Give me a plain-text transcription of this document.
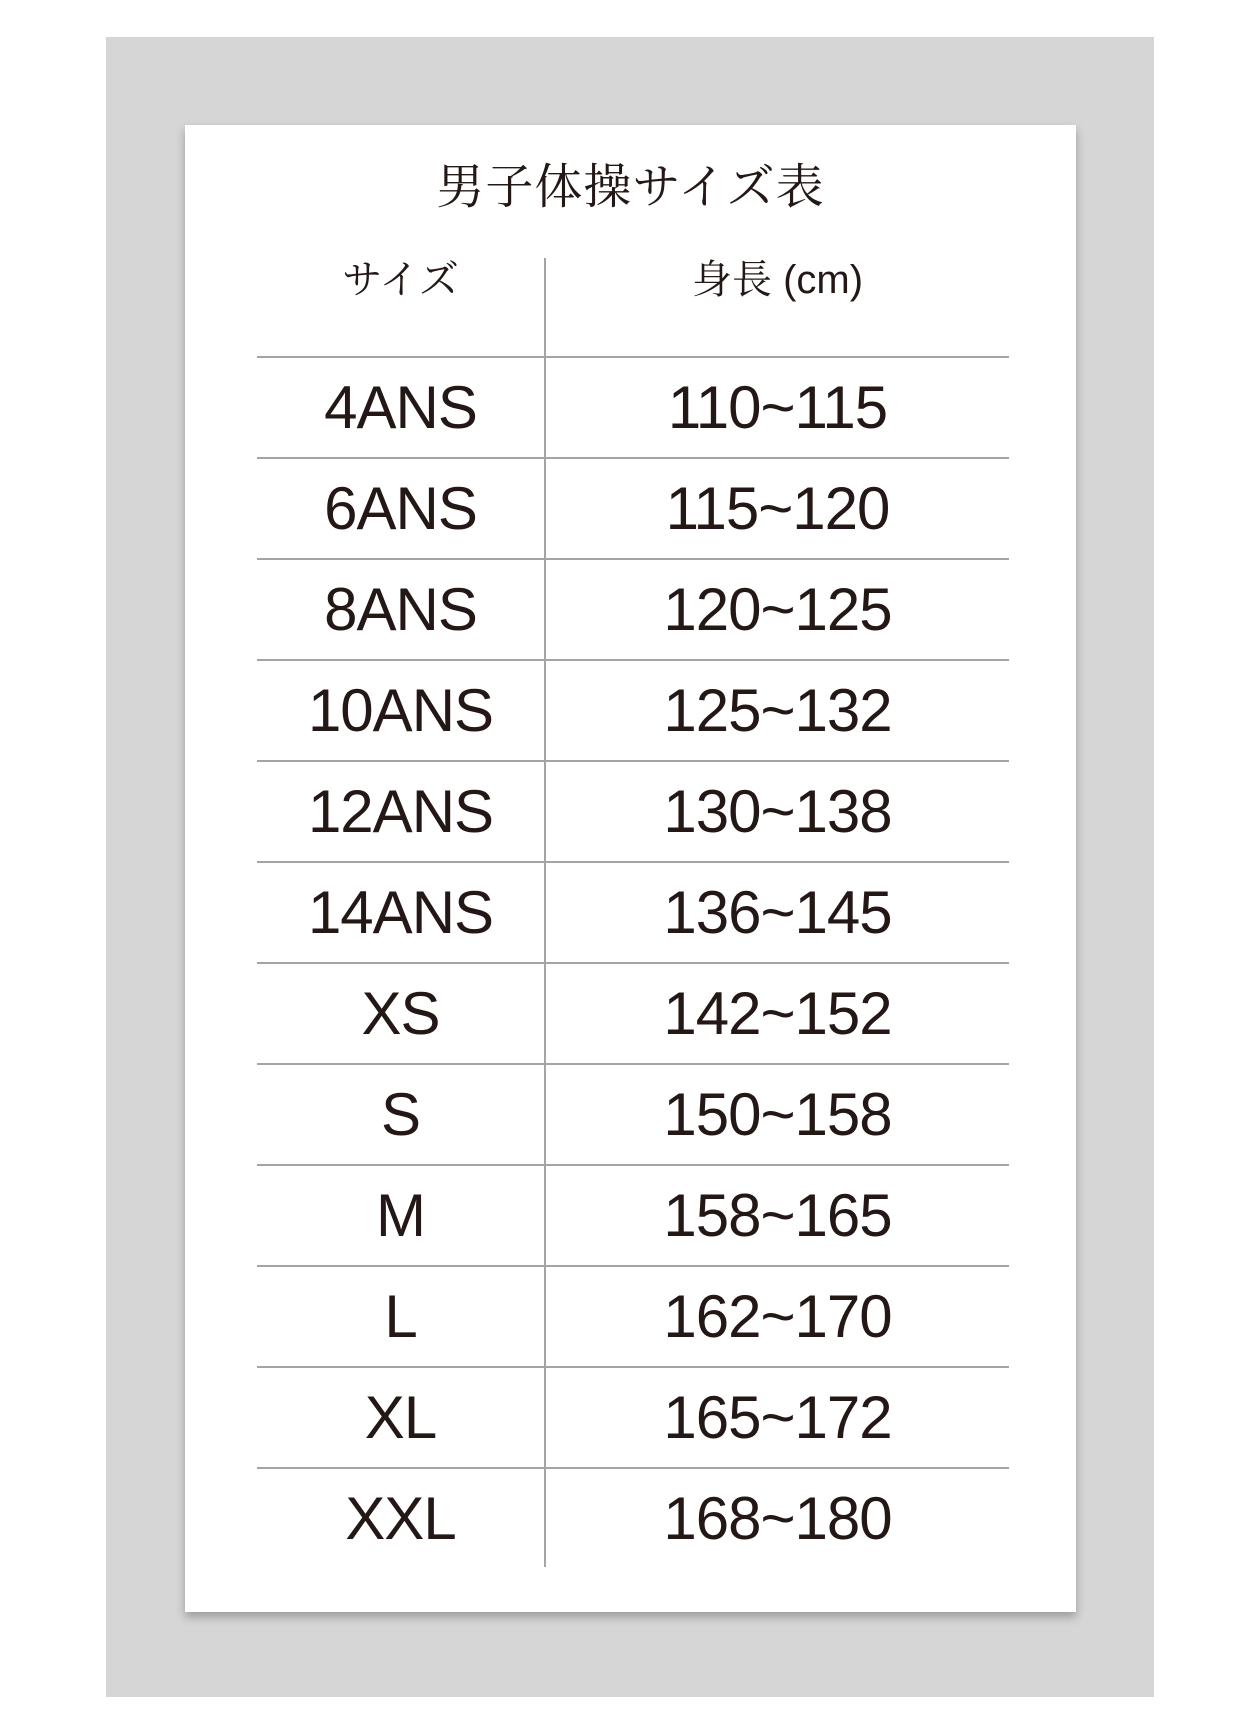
男子体操サイズ表
サイズ	身長 (cm)
4ANS	110~115
6ANS	115~120
8ANS	120~125
10ANS	125~132
12ANS	130~138
14ANS	136~145
XS	142~152
S	150~158
M	158~165
L	162~170
XL	165~172
XXL	168~180
